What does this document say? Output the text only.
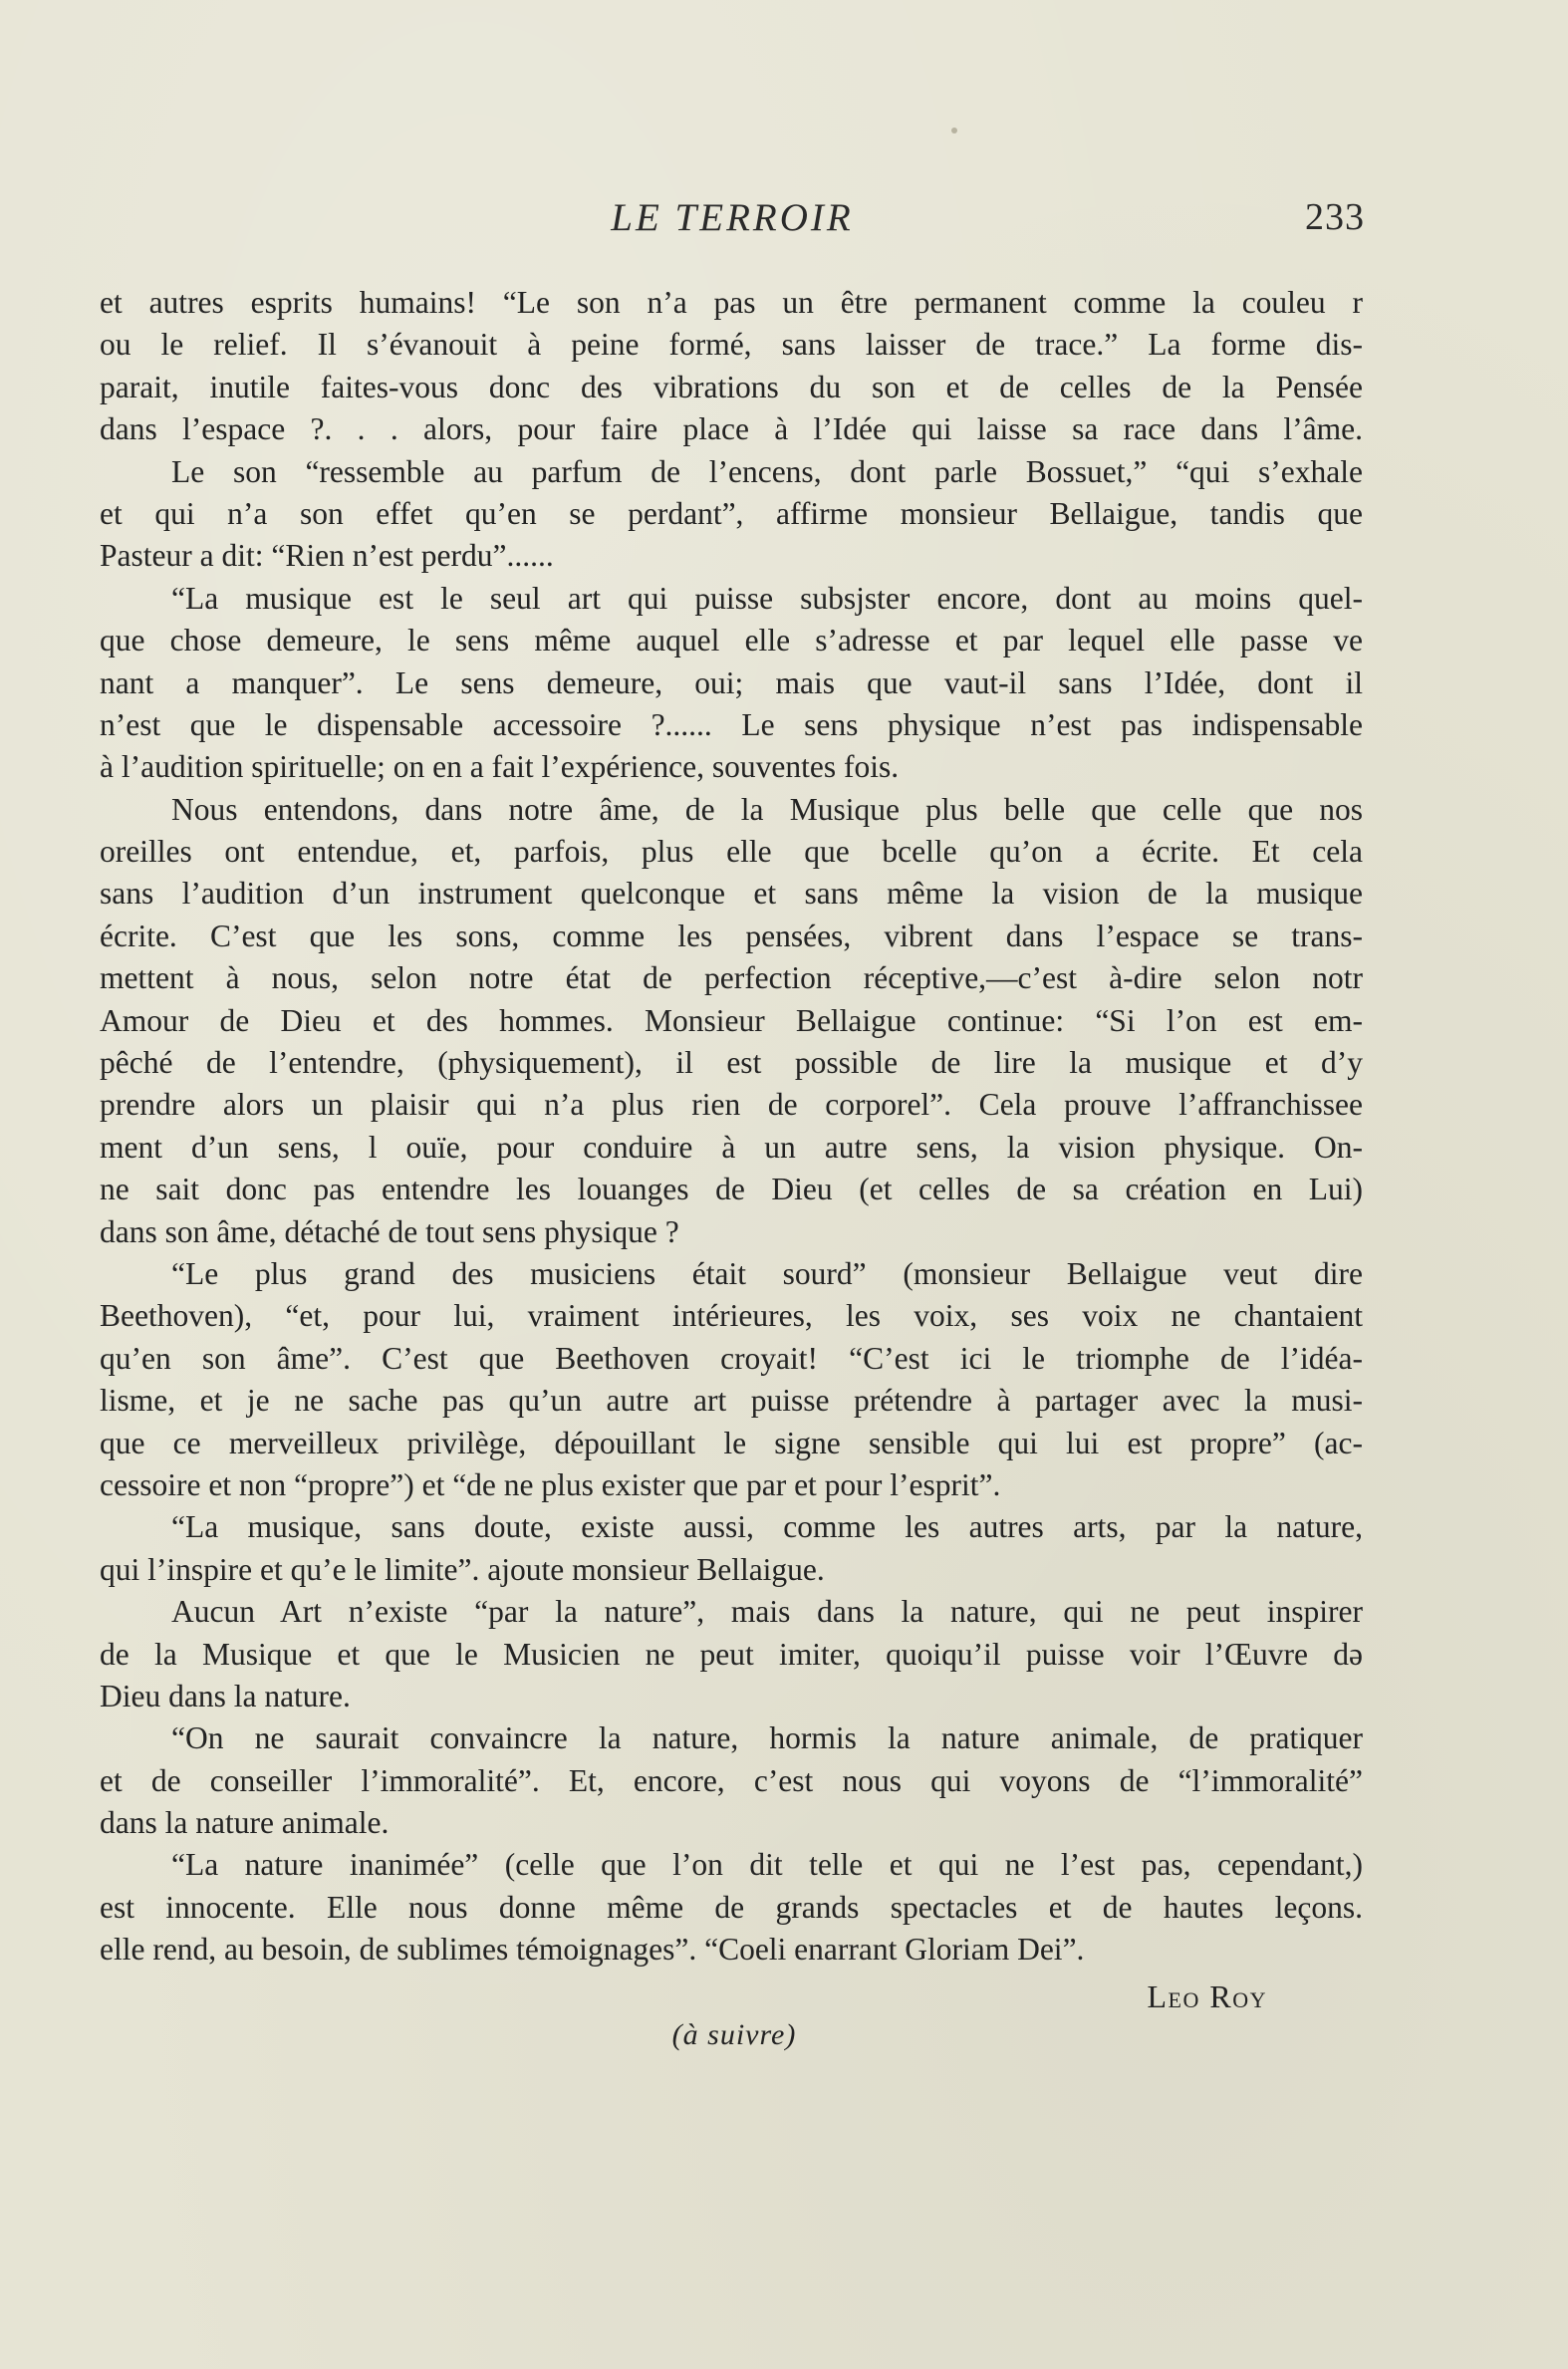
LE TERROIR	233
et autres esprits humains! “Le son n’a pas un être permanent comme la couleu r
ou le relief. Il s’évanouit à peine formé, sans laisser de trace.” La forme dis-
parait, inutile faites-vous donc des vibrations du son et de celles de la Pensée
dans l’espace ?. . . alors, pour faire place à l’Idée qui laisse sa race dans l’âme.
Le son “ressemble au parfum de l’encens, dont parle Bossuet,” “qui s’exhale
et qui n’a son effet qu’en se perdant”, affirme monsieur Bellaigue, tandis que
Pasteur a dit: “Rien n’est perdu”......
“La musique est le seul art qui puisse subsjster encore, dont au moins quel-
que chose demeure, le sens même auquel elle s’adresse et par lequel elle passe ve
nant a manquer”. Le sens demeure, oui; mais que vaut-il sans l’Idée, dont il
n’est que le dispensable accessoire ?...... Le sens physique n’est pas indispensable
à l’audition spirituelle; on en a fait l’expérience, souventes fois.
Nous entendons, dans notre âme, de la Musique plus belle que celle que nos
oreilles ont entendue, et, parfois, plus elle que bcelle qu’on a écrite. Et cela
sans l’audition d’un instrument quelconque et sans même la vision de la musique
écrite. C’est que les sons, comme les pensées, vibrent dans l’espace se trans-
mettent à nous, selon notre état de perfection réceptive,—c’est à-dire selon notr
Amour de Dieu et des hommes. Monsieur Bellaigue continue: “Si l’on est em-
pêché de l’entendre, (physiquement), il est possible de lire la musique et d’y
prendre alors un plaisir qui n’a plus rien de corporel”. Cela prouve l’affranchissee
ment d’un sens, l ouïe, pour conduire à un autre sens, la vision physique. On-
ne sait donc pas entendre les louanges de Dieu (et celles de sa création en Lui)
dans son âme, détaché de tout sens physique ?
“Le plus grand des musiciens était sourd” (monsieur Bellaigue veut dire
Beethoven), “et, pour lui, vraiment intérieures, les voix, ses voix ne chantaient
qu’en son âme”. C’est que Beethoven croyait! “C’est ici le triomphe de l’idéa-
lisme, et je ne sache pas qu’un autre art puisse prétendre à partager avec la musi-
que ce merveilleux privilège, dépouillant le signe sensible qui lui est propre” (ac-
cessoire et non “propre”) et “de ne plus exister que par et pour l’esprit”.
“La musique, sans doute, existe aussi, comme les autres arts, par la nature,
qui l’inspire et qu’e le limite”. ajoute monsieur Bellaigue.
Aucun Art n’existe “par la nature”, mais dans la nature, qui ne peut inspirer
de la Musique et que le Musicien ne peut imiter, quoiqu’il puisse voir l’Œuvre də
Dieu dans la nature.
“On ne saurait convaincre la nature, hormis la nature animale, de pratiquer
et de conseiller l’immoralité”. Et, encore, c’est nous qui voyons de “l’immoralité”
dans la nature animale.
“La nature inanimée” (celle que l’on dit telle et qui ne l’est pas, cependant,)
est innocente. Elle nous donne même de grands spectacles et de hautes leçons.
elle rend, au besoin, de sublimes témoignages”. “Coeli enarrant Gloriam Dei”.
Leo Roy
(à suivre)
